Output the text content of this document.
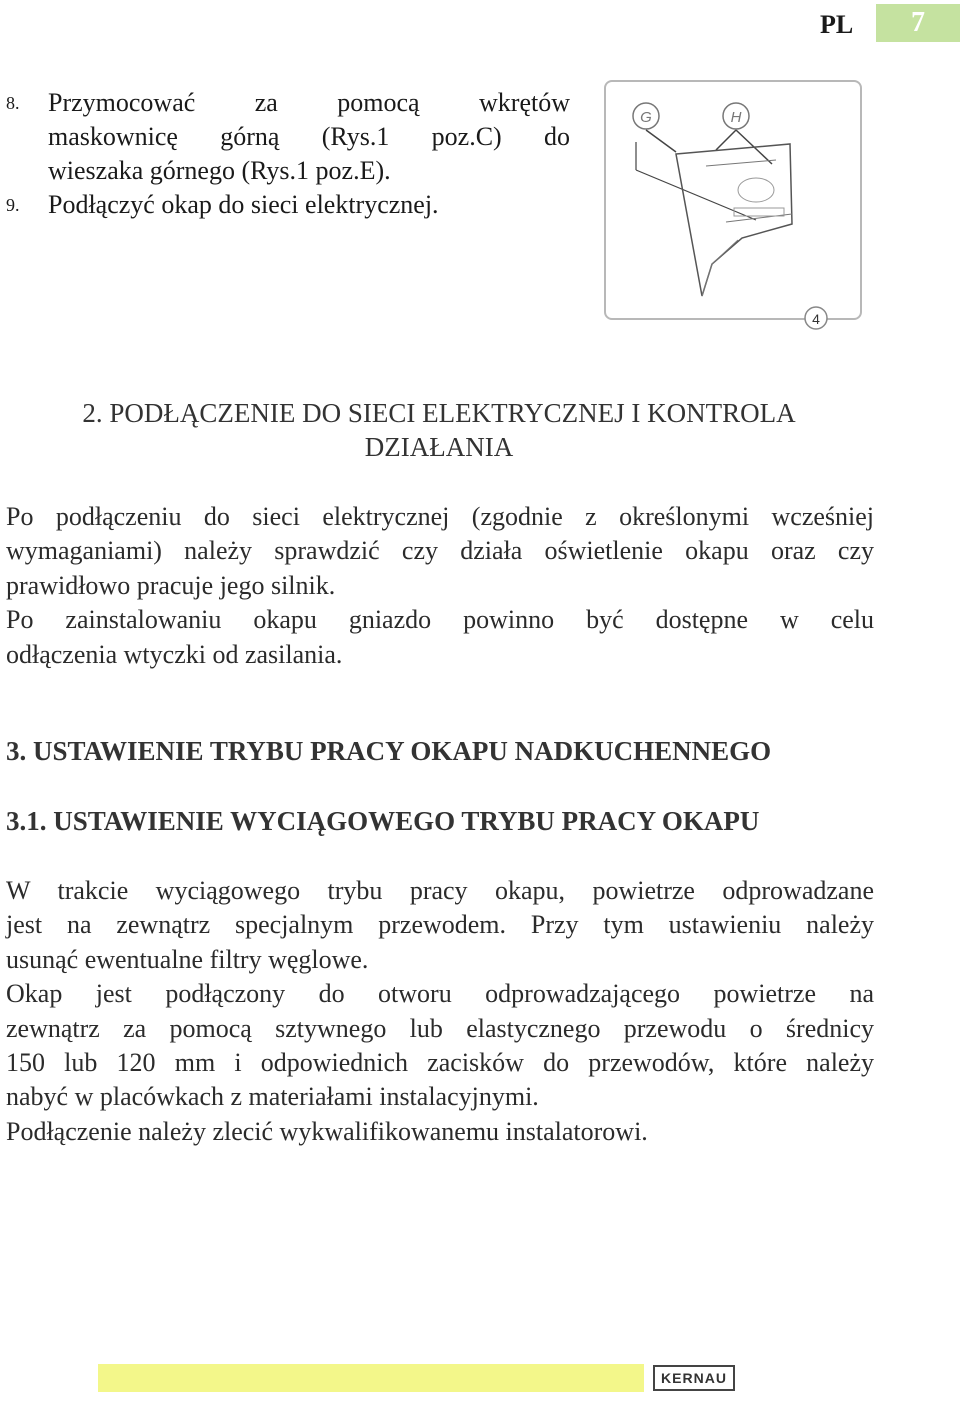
PL	7
8.	Przymocować za pomocą wkrętów
maskownicę górną (Rys.1 poz.C) do
wieszaka górnego (Rys.1 poz.E).
9.	Podłączyć okap do sieci elektrycznej.
G	H
4
2. PODŁĄCZENIE DO SIECI ELEKTRYCZNEJ I KONTROLA
DZIAŁANIA
Po podłączeniu do sieci elektrycznej (zgodnie z określonymi wcześniej
wymaganiami) należy sprawdzić czy działa oświetlenie okapu oraz czy
prawidłowo pracuje jego silnik.
Po zainstalowaniu okapu gniazdo powinno być dostępne w celu
odłączenia wtyczki od zasilania.
3. USTAWIENIE TRYBU PRACY OKAPU NADKUCHENNEGO
3.1. USTAWIENIE WYCIĄGOWEGO TRYBU PRACY OKAPU
W trakcie wyciągowego trybu pracy okapu, powietrze odprowadzane
jest na zewnątrz specjalnym przewodem. Przy tym ustawieniu należy
usunąć ewentualne filtry węglowe.
Okap jest podłączony do otworu odprowadzającego powietrze na
zewnątrz za pomocą sztywnego lub elastycznego przewodu o średnicy
150 lub 120 mm i odpowiednich zacisków do przewodów, które należy
nabyć w placówkach z materiałami instalacyjnymi.
Podłączenie należy zlecić wykwalifikowanemu instalatorowi.
KERNAU
